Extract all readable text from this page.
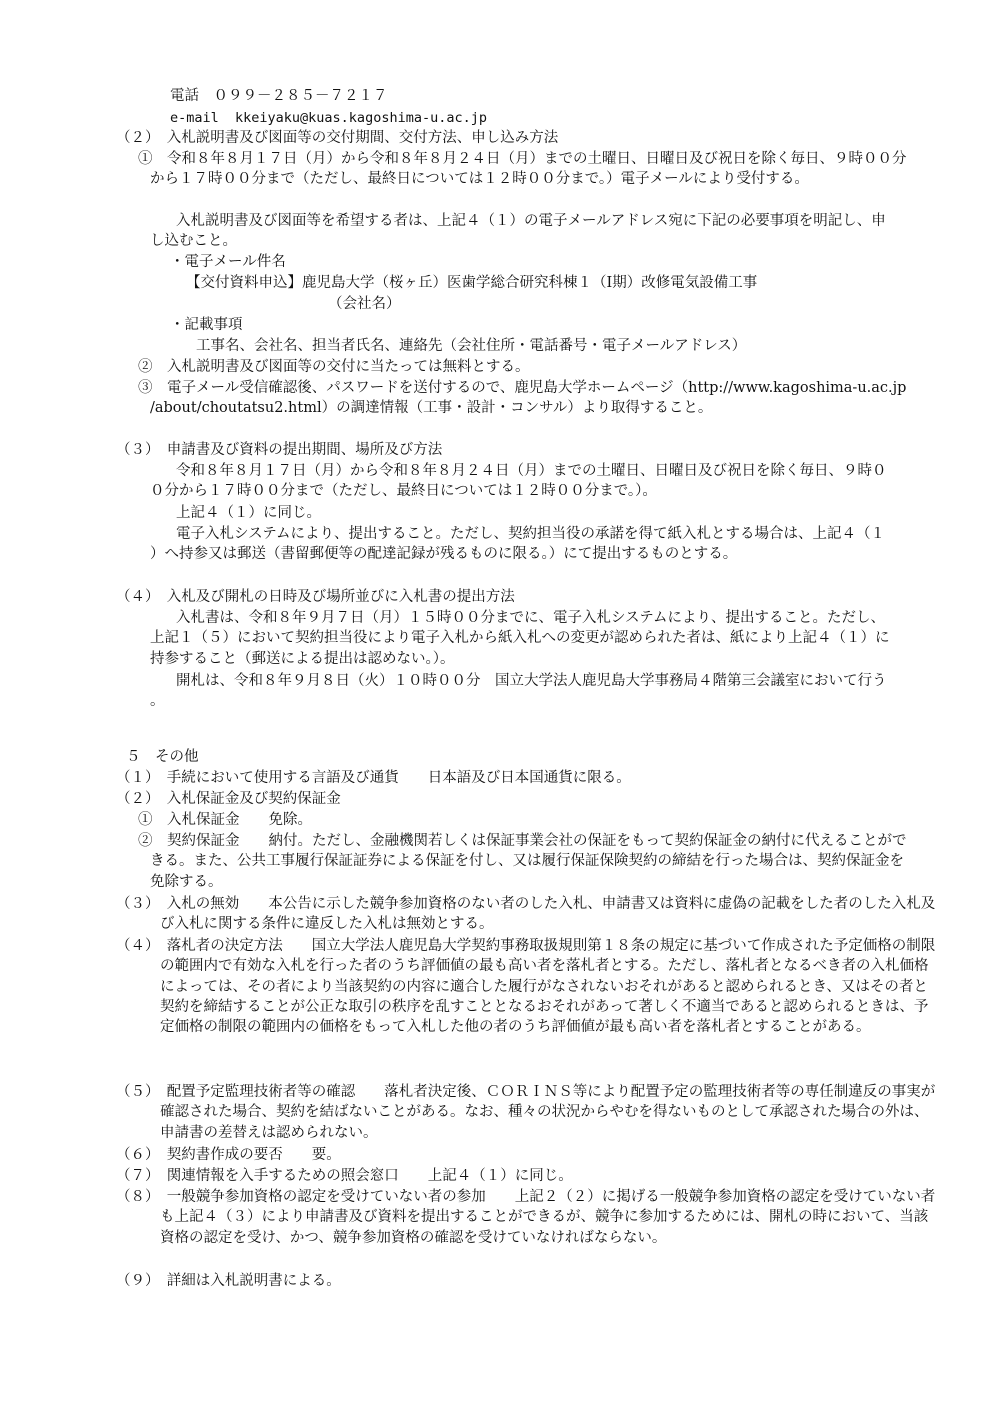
電話　０９９－２８５－７２１７
e-mail  kkeiyaku@kuas.kagoshima-u.ac.jp
（２）　入札説明書及び図面等の交付期間、交付方法、申し込み方法
①　令和８年８月１７日（月）から令和８年８月２４日（月）までの土曜日、日曜日及び祝日を除く毎日、９時００分から１７時００分まで（ただし、最終日については１２時００分まで。）電子メールにより受付する。
入札説明書及び図面等を希望する者は、上記４（１）の電子メールアドレス宛に下記の必要事項を明記し、申し込むこと。
・電子メール件名
【交付資料申込】鹿児島大学（桜ヶ丘）医歯学総合研究科棟１（Ⅰ期）改修電気設備工事
（会社名）
・記載事項
工事名、会社名、担当者氏名、連絡先（会社住所・電話番号・電子メールアドレス）
②　入札説明書及び図面等の交付に当たっては無料とする。
③　電子メール受信確認後、パスワードを送付するので、鹿児島大学ホームページ（http://www.kagoshima-u.ac.jp/about/choutatsu2.html）の調達情報（工事・設計・コンサル）より取得すること。
（３）　申請書及び資料の提出期間、場所及び方法
令和８年８月１７日（月）から令和８年８月２４日（月）までの土曜日、日曜日及び祝日を除く毎日、９時００分から１７時００分まで（ただし、最終日については１２時００分まで。）。
上記４（１）に同じ。
電子入札システムにより、提出すること。ただし、契約担当役の承諾を得て紙入札とする場合は、上記４（１）へ持参又は郵送（書留郵便等の配達記録が残るものに限る。）にて提出するものとする。
（４）　入札及び開札の日時及び場所並びに入札書の提出方法
入札書は、令和８年９月７日（月）１５時００分までに、電子入札システムにより、提出すること。ただし、上記１（５）において契約担当役により電子入札から紙入札への変更が認められた者は、紙により上記４（１）に持参すること（郵送による提出は認めない。）。
開札は、令和８年９月８日（火）１０時００分　国立大学法人鹿児島大学事務局４階第三会議室において行う。
５　その他
（１）　手続において使用する言語及び通貨　　日本語及び日本国通貨に限る。
（２）　入札保証金及び契約保証金
①　入札保証金　　免除。
②　契約保証金　　納付。ただし、金融機関若しくは保証事業会社の保証をもって契約保証金の納付に代えることができる。また、公共工事履行保証証券による保証を付し、又は履行保証保険契約の締結を行った場合は、契約保証金を免除する。
（３）　入札の無効　　本公告に示した競争参加資格のない者のした入札、申請書又は資料に虚偽の記載をした者のした入札及び入札に関する条件に違反した入札は無効とする。
（４）　落札者の決定方法　　国立大学法人鹿児島大学契約事務取扱規則第１８条の規定に基づいて作成された予定価格の制限の範囲内で有効な入札を行った者のうち評価値の最も高い者を落札者とする。ただし、落札者となるべき者の入札価格によっては、その者により当該契約の内容に適合した履行がなされないおそれがあると認められるとき、又はその者と契約を締結することが公正な取引の秩序を乱すこととなるおそれがあって著しく不適当であると認められるときは、予定価格の制限の範囲内の価格をもって入札した他の者のうち評価値が最も高い者を落札者とすることがある。
（５）　配置予定監理技術者等の確認　　落札者決定後、ＣＯＲＩＮＳ等により配置予定の監理技術者等の専任制違反の事実が確認された場合、契約を結ばないことがある。なお、種々の状況からやむを得ないものとして承認された場合の外は、申請書の差替えは認められない。
（６）　契約書作成の要否　　要。
（７）　関連情報を入手するための照会窓口　　上記４（１）に同じ。
（８）　一般競争参加資格の認定を受けていない者の参加　　上記２（２）に掲げる一般競争参加資格の認定を受けていない者も上記４（３）により申請書及び資料を提出することができるが、競争に参加するためには、開札の時において、当該資格の認定を受け、かつ、競争参加資格の確認を受けていなければならない。
（９）　詳細は入札説明書による。
